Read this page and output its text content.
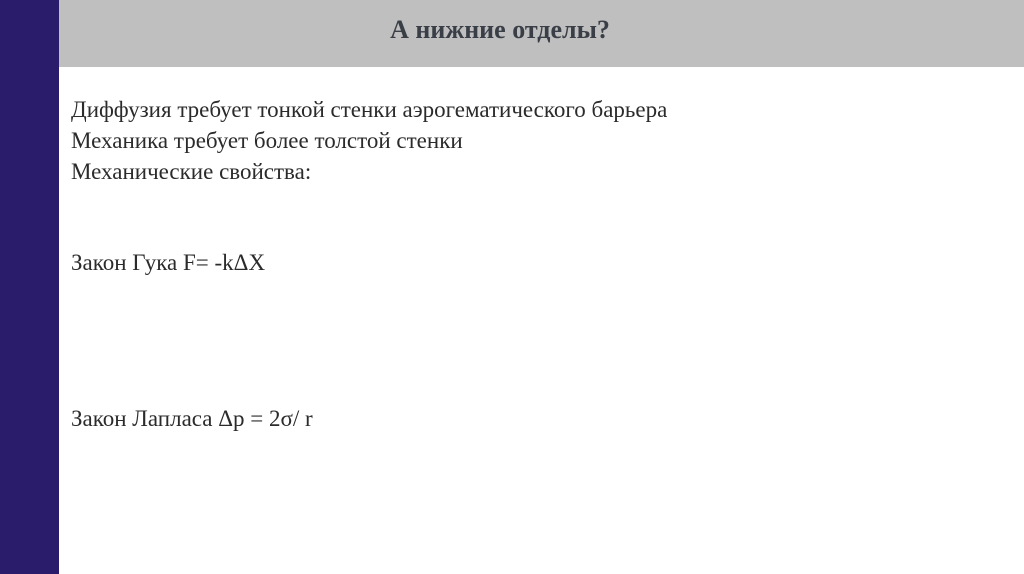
А нижние отделы?
Диффузия требует тонкой стенки аэрогематического барьера
Механика требует более толстой стенки
Механические свойства:
Закон Гука F= -kΔX
Закон Лапласа Δp = 2σ/ r
